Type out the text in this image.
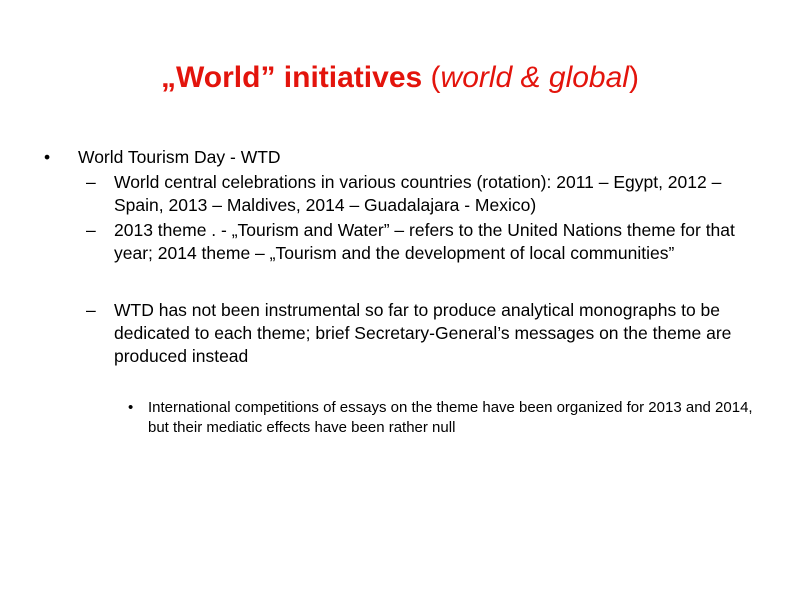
„World” initiatives (world & global)
• World Tourism Day - WTD
– World central celebrations in various countries (rotation): 2011 – Egypt, 2012 – Spain, 2013 – Maldives, 2014 – Guadalajara - Mexico)
– 2013 theme . - „Tourism and Water” – refers to the United Nations theme for that year; 2014 theme – „Tourism and the development of local communities”
– WTD has not been instrumental so far to produce analytical monographs to be dedicated to each theme; brief Secretary-General’s messages on the theme are produced instead
• International competitions of essays on the theme have been organized for 2013 and 2014, but their mediatic effects have been rather null
